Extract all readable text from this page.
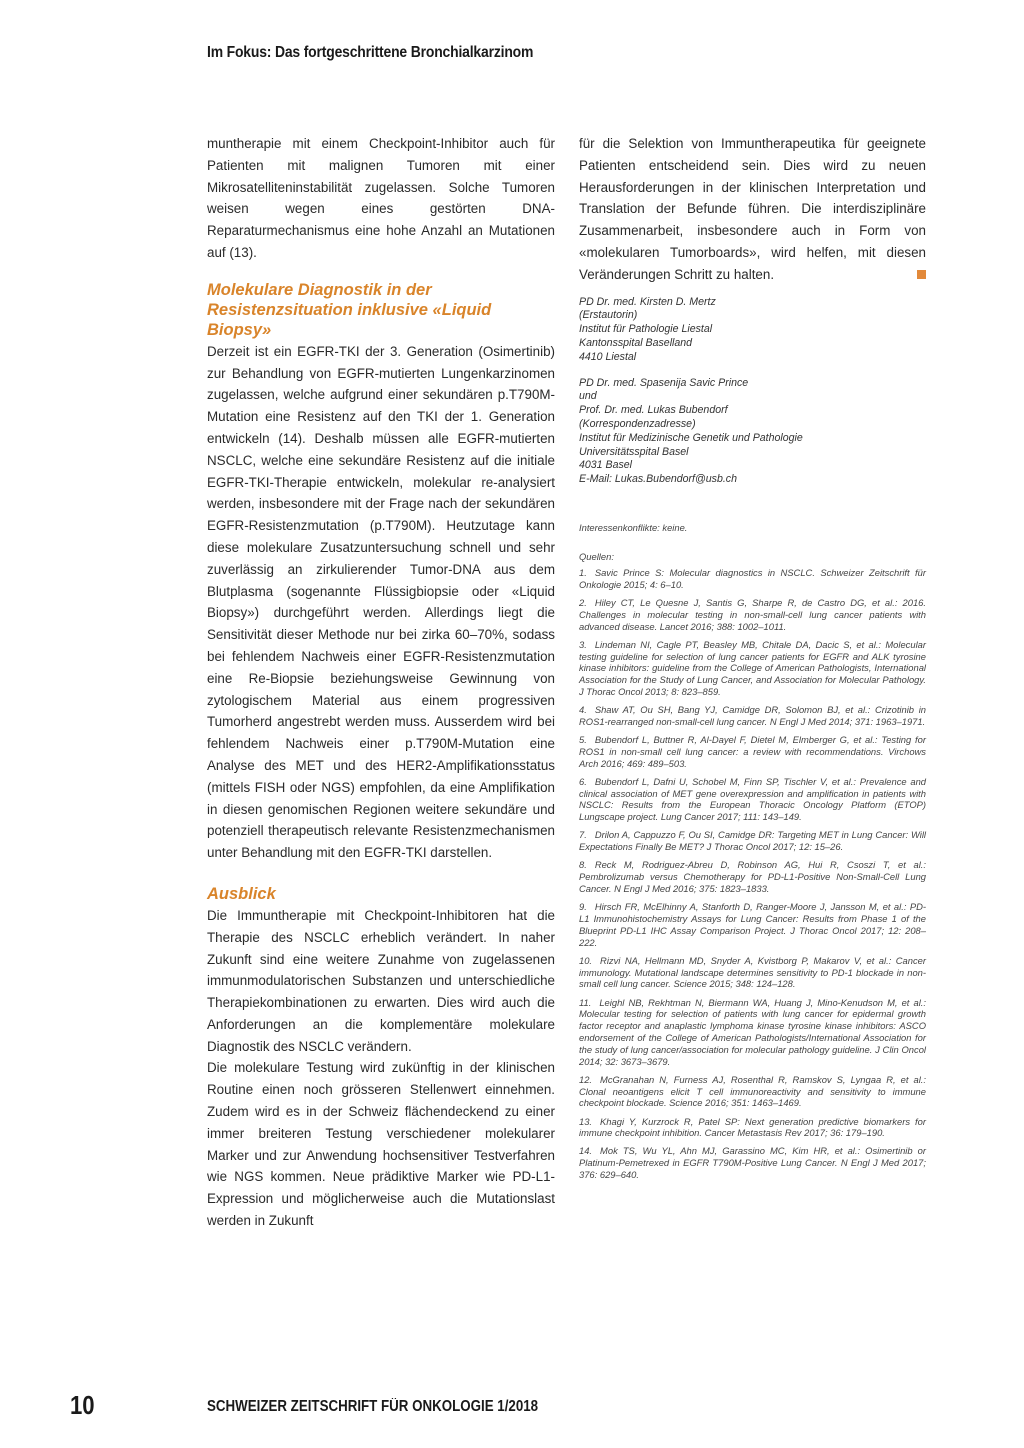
Im Fokus: Das fortgeschrittene Bronchialkarzinom

muntherapie mit einem Checkpoint-Inhibitor auch für Patienten mit malignen Tumoren mit einer Mikrosatelliteninstabilität zugelassen. Solche Tumoren weisen wegen eines gestörten DNA-Reparaturmechanismus eine hohe Anzahl an Mutationen auf (13).

Molekulare Diagnostik in der Resistenzsituation inklusive «Liquid Biopsy»

Derzeit ist ein EGFR-TKI der 3. Generation (Osimertinib) zur Behandlung von EGFR-mutierten Lungenkarzinomen zugelassen, welche aufgrund einer sekundären p.T790M-Mutation eine Resistenz auf den TKI der 1. Generation entwickeln (14). Deshalb müssen alle EGFR-mutierten NSCLC, welche eine sekundäre Resistenz auf die initiale EGFR-TKI-Therapie entwickeln, molekular re-analysiert werden, insbesondere mit der Frage nach der sekundären EGFR-Resistenzmutation (p.T790M). Heutzutage kann diese molekulare Zusatzuntersuchung schnell und sehr zuverlässig an zirkulierender Tumor-DNA aus dem Blutplasma (sogenannte Flüssigbiopsie oder «Liquid Biopsy») durchgeführt werden. Allerdings liegt die Sensitivität dieser Methode nur bei zirka 60–70%, sodass bei fehlendem Nachweis einer EGFR-Resistenzmutation eine Re-Biopsie beziehungsweise Gewinnung von zytologischem Material aus einem progressiven Tumorherd angestrebt werden muss. Ausserdem wird bei fehlendem Nachweis einer p.T790M-Mutation eine Analyse des MET und des HER2-Amplifikationsstatus (mittels FISH oder NGS) empfohlen, da eine Amplifikation in diesen genomischen Regionen weitere sekundäre und potenziell therapeutisch relevante Resistenzmechanismen unter Behandlung mit den EGFR-TKI darstellen.

Ausblick

Die Immuntherapie mit Checkpoint-Inhibitoren hat die Therapie des NSCLC erheblich verändert. In naher Zukunft sind eine weitere Zunahme von zugelassenen immunmodulatorischen Substanzen und unterschiedliche Therapiekombinationen zu erwarten. Dies wird auch die Anforderungen an die komplementäre molekulare Diagnostik des NSCLC verändern.

Die molekulare Testung wird zukünftig in der klinischen Routine einen noch grösseren Stellenwert einnehmen. Zudem wird es in der Schweiz flächendeckend zu einer immer breiteren Testung verschiedener molekularer Marker und zur Anwendung hochsensitiver Testverfahren wie NGS kommen. Neue prädiktive Marker wie PD-L1-Expression und möglicherweise auch die Mutationslast werden in Zukunft

für die Selektion von Immuntherapeutika für geeignete Patienten entscheidend sein. Dies wird zu neuen Herausforderungen in der klinischen Interpretation und Translation der Befunde führen. Die interdisziplinäre Zusammenarbeit, insbesondere auch in Form von «molekularen Tumorboards», wird helfen, mit diesen Veränderungen Schritt zu halten.

PD Dr. med. Kirsten D. Mertz
(Erstautorin)
Institut für Pathologie Liestal
Kantonsspital Baselland
4410 Liestal
PD Dr. med. Spasenija Savic Prince
und
Prof. Dr. med. Lukas Bubendorf
(Korrespondenzadresse)
Institut für Medizinische Genetik und Pathologie
Universitätsspital Basel
4031 Basel
E-Mail: Lukas.Bubendorf@usb.ch
Interessenkonflikte: keine.
Quellen:
1. Savic Prince S: Molecular diagnostics in NSCLC. Schweizer Zeitschrift für Onkologie 2015; 4: 6–10.
2. Hiley CT, Le Quesne J, Santis G, Sharpe R, de Castro DG, et al.: 2016. Challenges in molecular testing in non-small-cell lung cancer patients with advanced disease. Lancet 2016; 388: 1002–1011.
3. Lindeman NI, Cagle PT, Beasley MB, Chitale DA, Dacic S, et al.: Molecular testing guideline for selection of lung cancer patients for EGFR and ALK tyrosine kinase inhibitors: guideline from the College of American Pathologists, International Association for the Study of Lung Cancer, and Association for Molecular Pathology. J Thorac Oncol 2013; 8: 823–859.
4. Shaw AT, Ou SH, Bang YJ, Camidge DR, Solomon BJ, et al.: Crizotinib in ROS1-rearranged non-small-cell lung cancer. N Engl J Med 2014; 371: 1963–1971.
5. Bubendorf L, Buttner R, Al-Dayel F, Dietel M, Elmberger G, et al.: Testing for ROS1 in non-small cell lung cancer: a review with recommendations. Virchows Arch 2016; 469: 489–503.
6. Bubendorf L, Dafni U, Schobel M, Finn SP, Tischler V, et al.: Prevalence and clinical association of MET gene overexpression and amplification in patients with NSCLC: Results from the European Thoracic Oncology Platform (ETOP) Lungscape project. Lung Cancer 2017; 111: 143–149.
7. Drilon A, Cappuzzo F, Ou SI, Camidge DR: Targeting MET in Lung Cancer: Will Expectations Finally Be MET? J Thorac Oncol 2017; 12: 15–26.
8. Reck M, Rodriguez-Abreu D, Robinson AG, Hui R, Csoszi T, et al.: Pembrolizumab versus Chemotherapy for PD-L1-Positive Non-Small-Cell Lung Cancer. N Engl J Med 2016; 375: 1823–1833.
9. Hirsch FR, McElhinny A, Stanforth D, Ranger-Moore J, Jansson M, et al.: PD-L1 Immunohistochemistry Assays for Lung Cancer: Results from Phase 1 of the Blueprint PD-L1 IHC Assay Comparison Project. J Thorac Oncol 2017; 12: 208–222.
10. Rizvi NA, Hellmann MD, Snyder A, Kvistborg P, Makarov V, et al.: Cancer immunology. Mutational landscape determines sensitivity to PD-1 blockade in non-small cell lung cancer. Science 2015; 348: 124–128.
11. Leighl NB, Rekhtman N, Biermann WA, Huang J, Mino-Kenudson M, et al.: Molecular testing for selection of patients with lung cancer for epidermal growth factor receptor and anaplastic lymphoma kinase tyrosine kinase inhibitors: ASCO endorsement of the College of American Pathologists/International Association for the study of lung cancer/association for molecular pathology guideline. J Clin Oncol 2014; 32: 3673–3679.
12. McGranahan N, Furness AJ, Rosenthal R, Ramskov S, Lyngaa R, et al.: Clonal neoantigens elicit T cell immunoreactivity and sensitivity to immune checkpoint blockade. Science 2016; 351: 1463–1469.
13. Khagi Y, Kurzrock R, Patel SP: Next generation predictive biomarkers for immune checkpoint inhibition. Cancer Metastasis Rev 2017; 36: 179–190.
14. Mok TS, Wu YL, Ahn MJ, Garassino MC, Kim HR, et al.: Osimertinib or Platinum-Pemetrexed in EGFR T790M-Positive Lung Cancer. N Engl J Med 2017; 376: 629–640.
10	SCHWEIZER ZEITSCHRIFT FÜR ONKOLOGIE 1/2018
